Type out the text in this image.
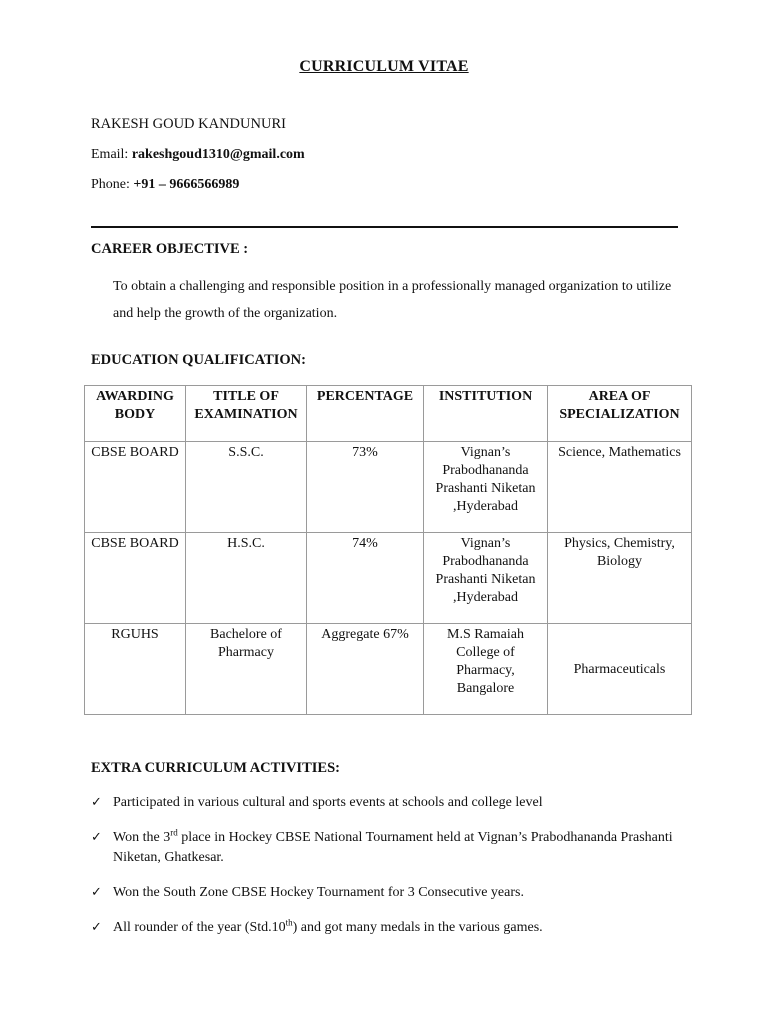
CURRICULUM VITAE
RAKESH GOUD KANDUNURI
Email: rakeshgoud1310@gmail.com
Phone: +91 – 9666566989
CAREER OBJECTIVE :
To obtain a challenging and responsible position in a professionally managed organization to utilize and help the growth of the organization.
EDUCATION QUALIFICATION:
AWARDING BODY	TITLE OF EXAMINATION	PERCENTAGE	INSTITUTION	AREA OF SPECIALIZATION
CBSE BOARD	S.S.C.	73%	Vignan’s Prabodhananda Prashanti Niketan ,Hyderabad	Science, Mathematics
CBSE BOARD	H.S.C.	74%	Vignan’s Prabodhananda Prashanti Niketan ,Hyderabad	Physics, Chemistry, Biology
RGUHS	Bachelore of Pharmacy	Aggregate 67%	M.S Ramaiah College of Pharmacy, Bangalore	Pharmaceuticals
EXTRA CURRICULUM ACTIVITIES:
✓ Participated in various cultural and sports events at schools and college level
✓ Won the 3rd place in Hockey CBSE National Tournament held at Vignan’s Prabodhananda Prashanti Niketan, Ghatkesar.
✓ Won the South Zone CBSE Hockey Tournament for 3 Consecutive years.
✓ All rounder of the year (Std.10th) and got many medals in the various games.
